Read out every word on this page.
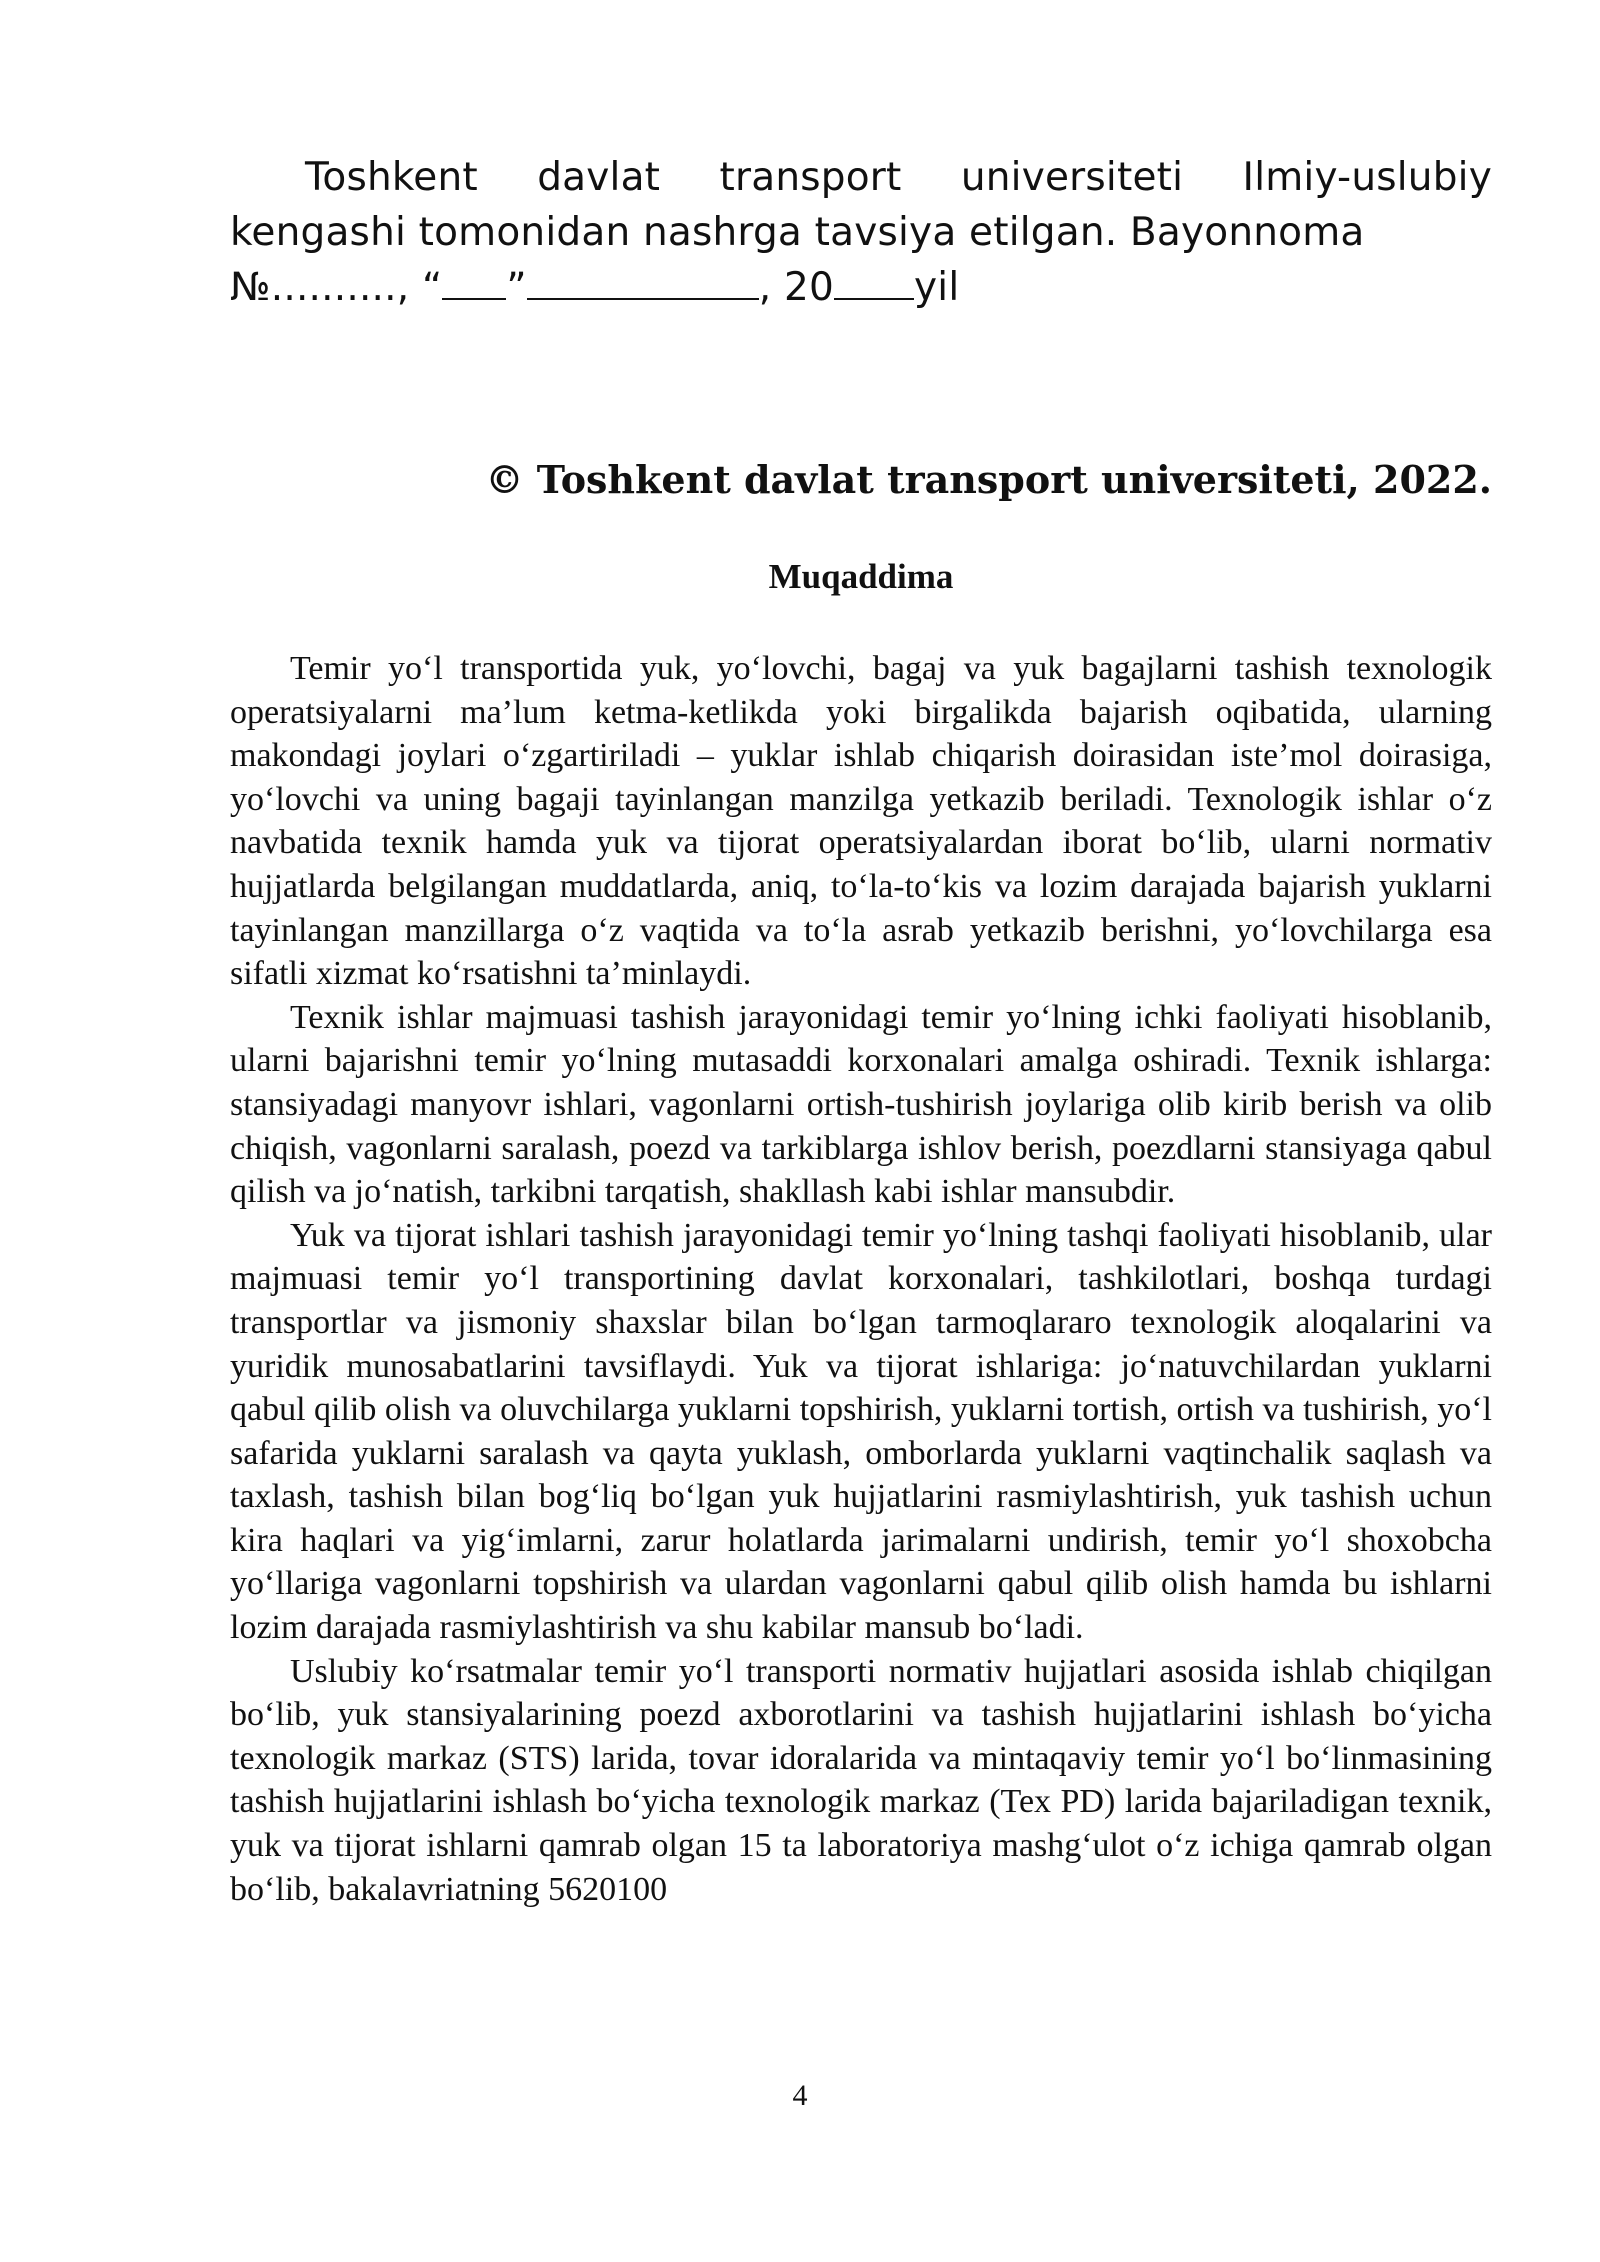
Toshkent davlat transport universiteti Ilmiy-uslubiy kengashi tomonidan nashrga tavsiya etilgan. Bayonnoma
№.........., “ ”	, 20 yil

© Toshkent davlat transport universiteti, 2022.

Muqaddima

Temir yo‘l transportida yuk, yo‘lovchi, bagaj va yuk bagajlarni tashish texnologik operatsiyalarni ma’lum ketma-ketlikda yoki birgalikda bajarish oqibatida, ularning makondagi joylari o‘zgartiriladi – yuklar ishlab chiqarish doirasidan iste’mol doirasiga, yo‘lovchi va uning bagaji tayinlangan manzilga yetkazib beriladi. Texnologik ishlar o‘z navbatida texnik hamda yuk va tijorat operatsiyalardan iborat bo‘lib, ularni normativ hujjatlarda belgilangan muddatlarda, aniq, to‘la-to‘kis va lozim darajada bajarish yuklarni tayinlangan manzillarga o‘z vaqtida va to‘la asrab yetkazib berishni, yo‘lovchilarga esa sifatli xizmat ko‘rsatishni ta’minlaydi.

Texnik ishlar majmuasi tashish jarayonidagi temir yo‘lning ichki faoliyati hisoblanib, ularni bajarishni temir yo‘lning mutasaddi korxonalari amalga oshiradi. Texnik ishlarga: stansiyadagi manyovr ishlari, vagonlarni ortish-tushirish joylariga olib kirib berish va olib chiqish, vagonlarni saralash, poezd va tarkiblarga ishlov berish, poezdlarni stansiyaga qabul qilish va jo‘natish, tarkibni tarqatish, shakllash kabi ishlar mansubdir.

Yuk va tijorat ishlari tashish jarayonidagi temir yo‘lning tashqi faoliyati hisoblanib, ular majmuasi temir yo‘l transportining davlat korxonalari, tashkilotlari, boshqa turdagi transportlar va jismoniy shaxslar bilan bo‘lgan tarmoqlararo texnologik aloqalarini va yuridik munosabatlarini tavsiflaydi. Yuk va tijorat ishlariga: jo‘natuvchilardan yuklarni qabul qilib olish va oluvchilarga yuklarni topshirish, yuklarni tortish, ortish va tushirish, yo‘l safarida yuklarni saralash va qayta yuklash, omborlarda yuklarni vaqtinchalik saqlash va taxlash, tashish bilan bog‘liq bo‘lgan yuk hujjatlarini rasmiylashtirish, yuk tashish uchun kira haqlari va yig‘imlarni, zarur holatlarda jarimalarni undirish, temir yo‘l shoxobcha yo‘llariga vagonlarni topshirish va ulardan vagonlarni qabul qilib olish hamda bu ishlarni lozim darajada rasmiylashtirish va shu kabilar mansub bo‘ladi.

Uslubiy ko‘rsatmalar temir yo‘l transporti normativ hujjatlari asosida ishlab chiqilgan bo‘lib, yuk stansiyalarining poezd axborotlarini va tashish hujjatlarini ishlash bo‘yicha texnologik markaz (STS) larida, tovar idoralarida va mintaqaviy temir yo‘l bo‘linmasining tashish hujjatlarini ishlash bo‘yicha texnologik markaz (Tex PD) larida bajariladigan texnik, yuk va tijorat ishlarni qamrab olgan 15 ta laboratoriya mashg‘ulot o‘z ichiga qamrab olgan bo‘lib, bakalavriatning 5620100

4
